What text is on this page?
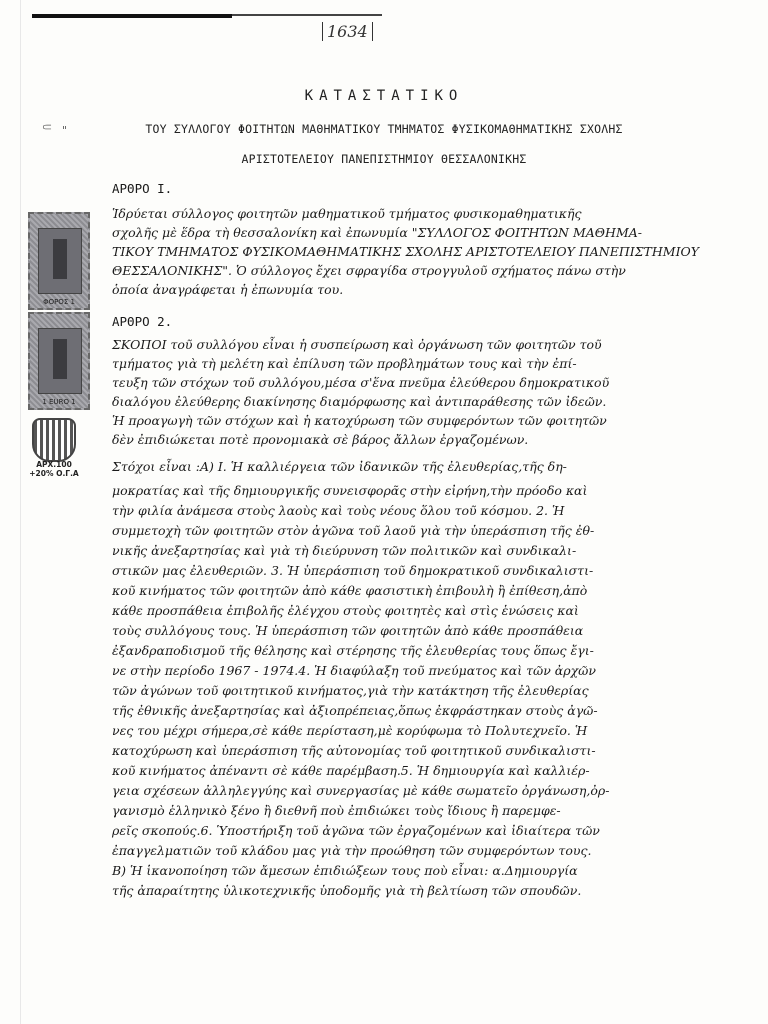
1634
ΚΑΤΑΣΤΑΤΙΚΟ
ΤΟΥ ΣΥΛΛΟΓΟΥ ΦΟΙΤΗΤΩΝ ΜΑΘΗΜΑΤΙΚΟΥ ΤΜΗΜΑΤΟΣ ΦΥΣΙΚΟΜΑΘΗΜΑΤΙΚΗΣ ΣΧΟΛΗΣ
ΑΡΙΣΤΟΤΕΛΕΙΟΥ ΠΑΝΕΠΙΣΤΗΜΙΟΥ ΘΕΣΣΑΛΟΝΙΚΗΣ
⸦ "
ΦΟΡΟΣ 1
1 EURO 1
ΑΡΧ.100
+20% Ο.Γ.Α
ΑΡΘΡΟ Ι.
Ἱδρύεται σύλλογος φοιτητῶν μαθηματικοῦ τμήματος φυσικομαθηματικῆς
σχολῆς μὲ ἕδρα τὴ θεσσαλονίκη καὶ ἐπωνυμία "ΣΥΛΛΟΓΟΣ ΦΟΙΤΗΤΩΝ ΜΑΘΗΜΑ-
ΤΙΚΟΥ ΤΜΗΜΑΤΟΣ ΦΥΣΙΚΟΜΑΘΗΜΑΤΙΚΗΣ ΣΧΟΛΗΣ ΑΡΙΣΤΟΤΕΛΕΙΟΥ ΠΑΝΕΠΙΣΤΗΜΙΟΥ
ΘΕΣΣΑΛΟΝΙΚΗΣ". Ὁ σύλλογος ἔχει σφραγίδα στρογγυλοῦ σχήματος πάνω στὴν
ὁποία ἀναγράφεται ἡ ἐπωνυμία του.
ΑΡΘΡΟ 2.
ΣΚΟΠΟΙ τοῦ συλλόγου εἶναι ἡ συσπείρωση καὶ ὀργάνωση τῶν φοιτητῶν τοῦ
τμήματος γιὰ τὴ μελέτη καὶ ἐπίλυση τῶν προβλημάτων τους καὶ τὴν ἐπί-
τευξη τῶν στόχων τοῦ συλλόγου,μέσα σ'ἕνα πνεῦμα ἐλεύθερου δημοκρατικοῦ
διαλόγου ἐλεύθερης διακίνησης διαμόρφωσης καὶ ἀντιπαράθεσης τῶν ἰδεῶν.
Ἡ προαγωγὴ τῶν στόχων καὶ ἡ κατοχύρωση τῶν συμφερόντων τῶν φοιτητῶν
δὲν ἐπιδιώκεται ποτὲ προνομιακὰ σὲ βάρος ἄλλων ἐργαζομένων.
Στόχοι εἶναι :Α) Ι. Ἡ καλλιέργεια τῶν ἰδανικῶν τῆς ἐλευθερίας,τῆς δη-
μοκρατίας καὶ τῆς δημιουργικῆς συνεισφορᾶς στὴν εἰρήνη,τὴν πρόοδο καὶ
τὴν φιλία ἀνάμεσα στοὺς λαοὺς καὶ τοὺς νέους ὅλου τοῦ κόσμου. 2. Ἡ
συμμετοχὴ τῶν φοιτητῶν στὸν ἀγῶνα τοῦ λαοῦ γιὰ τὴν ὑπεράσπιση τῆς ἐθ-
νικῆς ἀνεξαρτησίας καὶ γιὰ τὴ διεύρυνση τῶν πολιτικῶν καὶ συνδικαλι-
στικῶν μας ἐλευθεριῶν. 3. Ἡ ὑπεράσπιση τοῦ δημοκρατικοῦ συνδικαλιστι-
κοῦ κινήματος τῶν φοιτητῶν ἀπὸ κάθε φασιστικὴ ἐπιβουλὴ ἢ ἐπίθεση,ἀπὸ
κάθε προσπάθεια ἐπιβολῆς ἐλέγχου στοὺς φοιτητὲς καὶ στὶς ἑνώσεις καὶ
τοὺς συλλόγους τους. Ἡ ὑπεράσπιση τῶν φοιτητῶν ἀπὸ κάθε προσπάθεια
ἐξανδραποδισμοῦ τῆς θέλησης καὶ στέρησης τῆς ἐλευθερίας τους ὅπως ἔγι-
νε στὴν περίοδο 1967 - 1974.4. Ἡ διαφύλαξη τοῦ πνεύματος καὶ τῶν ἀρχῶν
τῶν ἀγώνων τοῦ φοιτητικοῦ κινήματος,γιὰ τὴν κατάκτηση τῆς ἐλευθερίας
τῆς ἐθνικῆς ἀνεξαρτησίας καὶ ἀξιοπρέπειας,ὅπως ἐκφράστηκαν στοὺς ἀγῶ-
νες του μέχρι σήμερα,σὲ κάθε περίσταση,μὲ κορύφωμα τὸ Πολυτεχνεῖο. Ἡ
κατοχύρωση καὶ ὑπεράσπιση τῆς αὐτονομίας τοῦ φοιτητικοῦ συνδικαλιστι-
κοῦ κινήματος ἀπέναντι σὲ κάθε παρέμβαση.5. Ἡ δημιουργία καὶ καλλιέρ-
γεια σχέσεων ἀλληλεγγύης καὶ συνεργασίας μὲ κάθε σωματεῖο ὀργάνωση,ὀρ-
γανισμὸ ἑλληνικὸ ξένο ἢ διεθνῆ ποὺ ἐπιδιώκει τοὺς ἴδιους ἢ παρεμφε-
ρεῖς σκοπούς.6. Ὑποστήριξη τοῦ ἀγῶνα τῶν ἐργαζομένων καὶ ἰδιαίτερα τῶν
ἐπαγγελματιῶν τοῦ κλάδου μας γιὰ τὴν προώθηση τῶν συμφερόντων τους.
Β) Ἡ ἱκανοποίηση τῶν ἄμεσων ἐπιδιώξεων τους ποὺ εἶναι: α.Δημιουργία
τῆς ἀπαραίτητης ὑλικοτεχνικῆς ὑποδομῆς γιὰ τὴ βελτίωση τῶν σπουδῶν.
